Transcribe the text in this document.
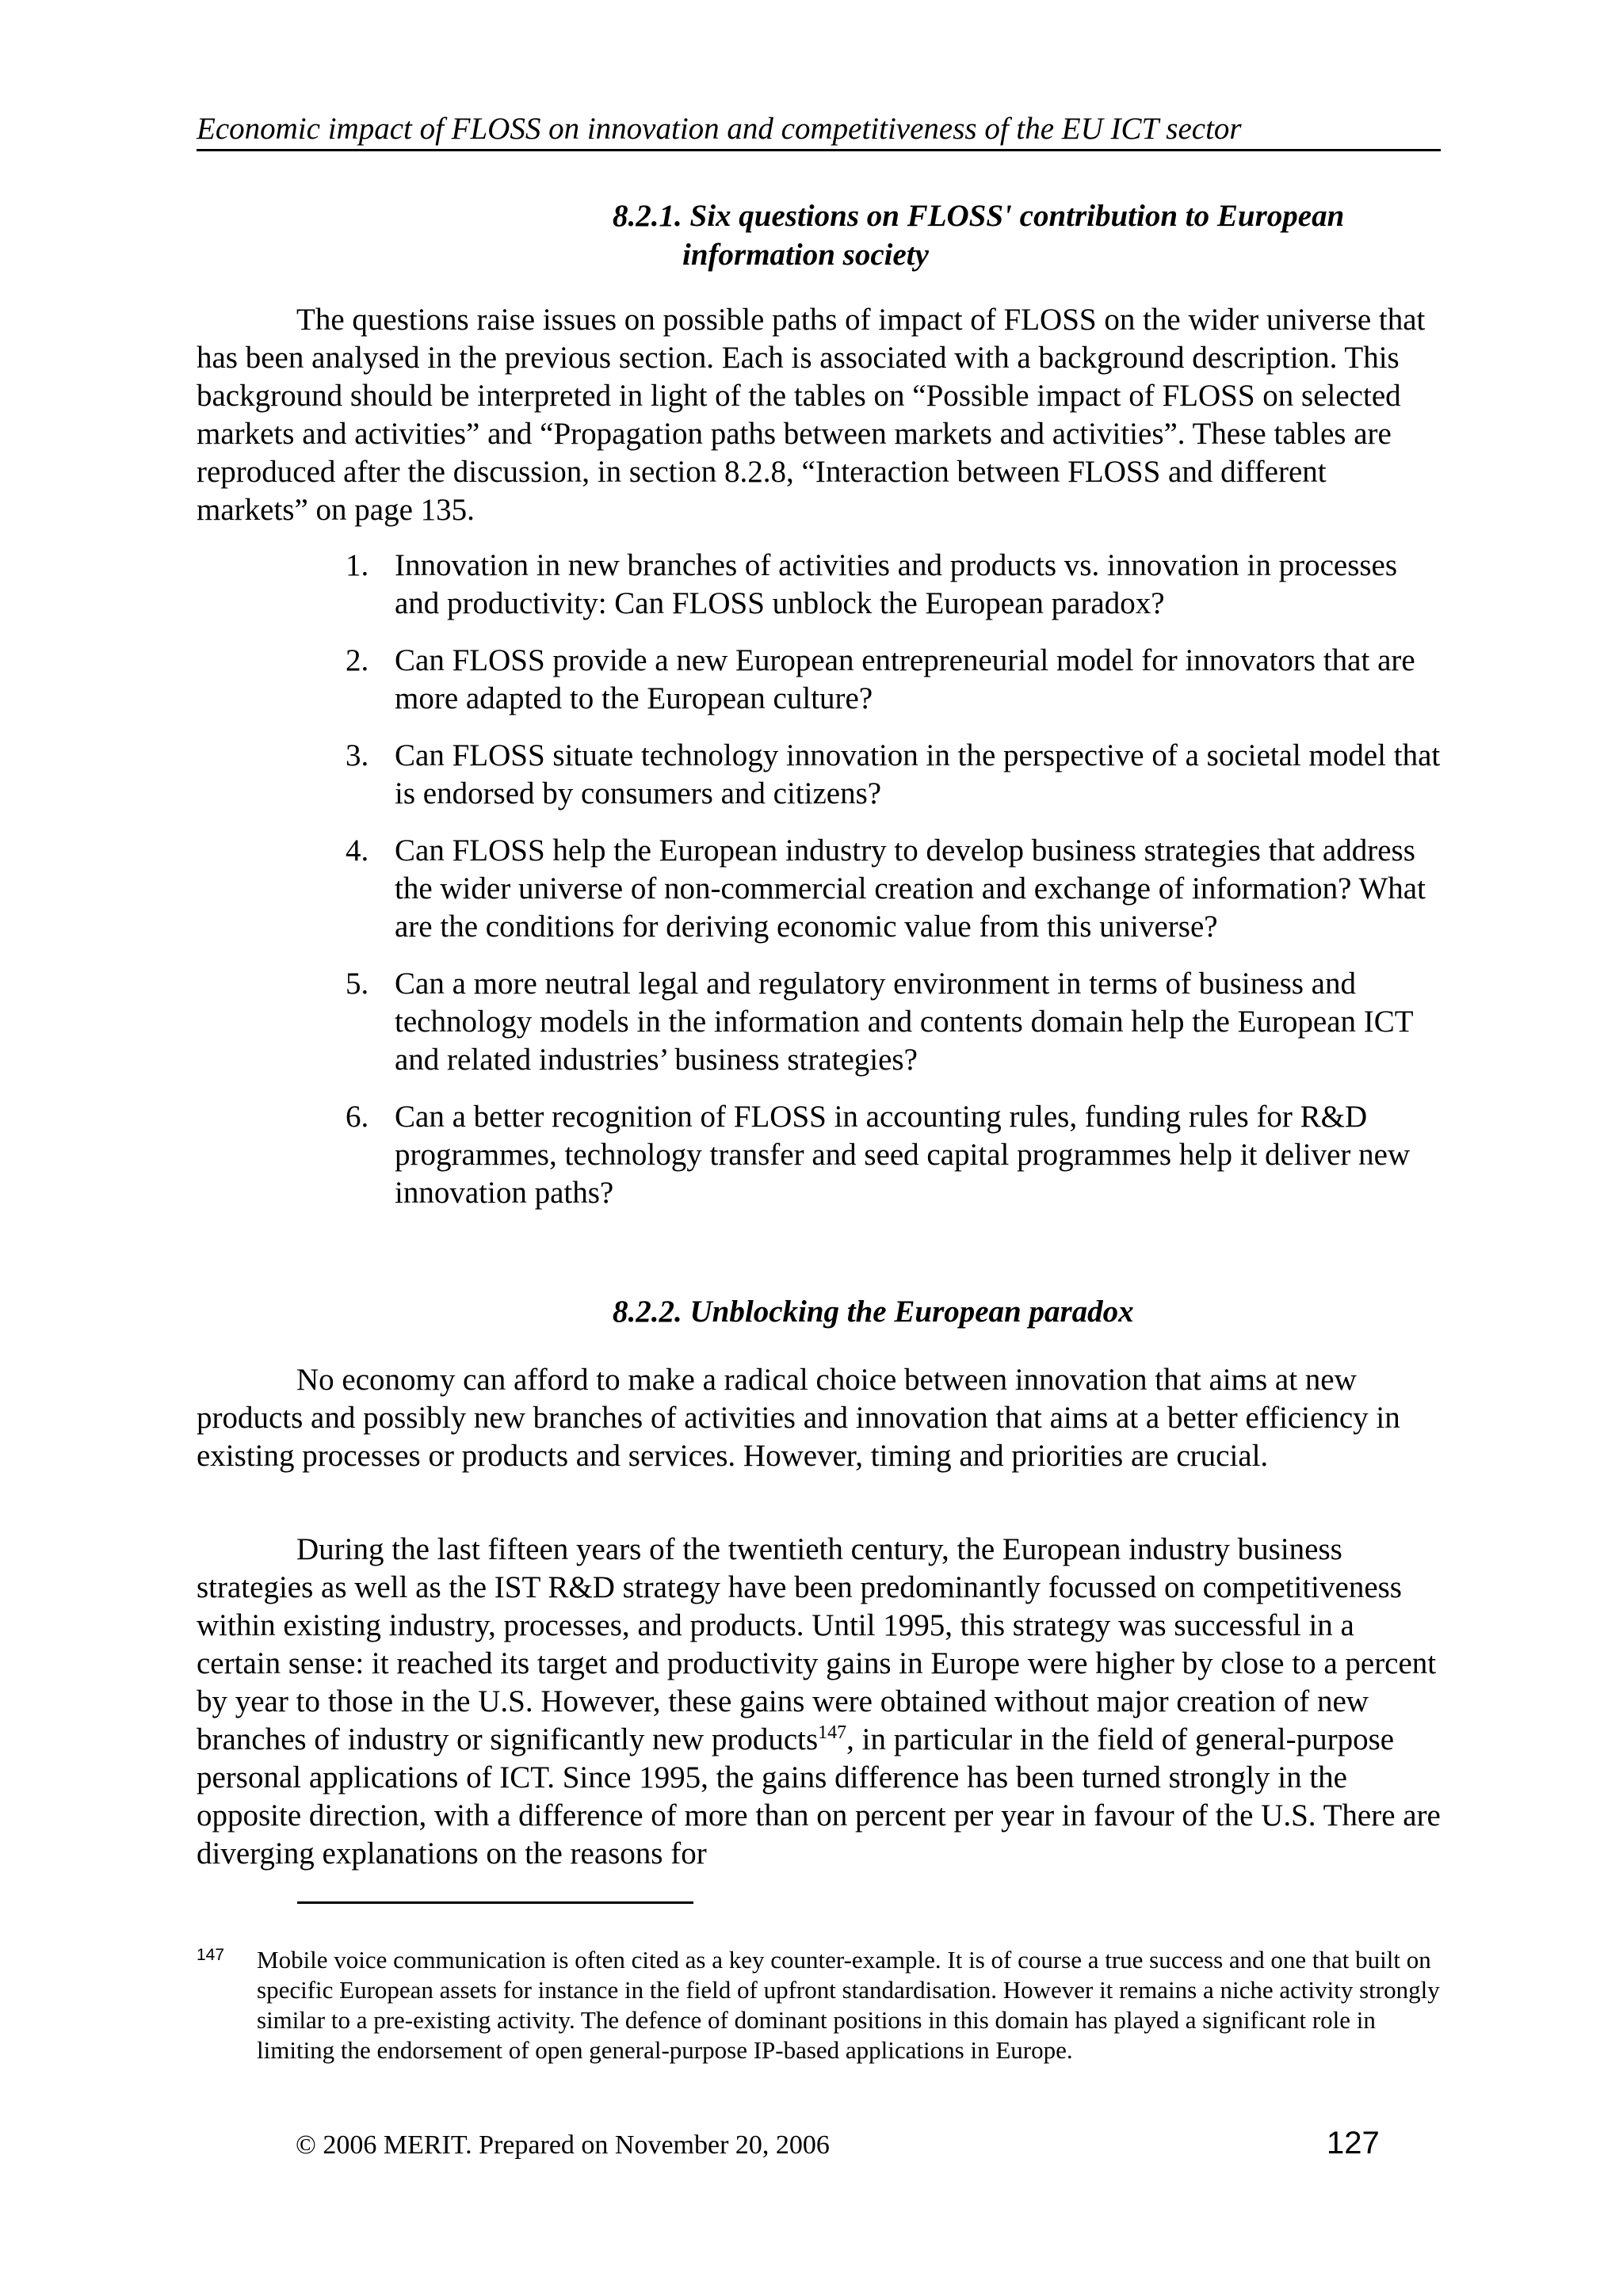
Economic impact of FLOSS on innovation and competitiveness of the EU ICT sector
8.2.1. Six questions on FLOSS' contribution to European
information society

The questions raise issues on possible paths of impact of FLOSS on the wider universe that has been analysed in the previous section. Each is associated with a background description. This background should be interpreted in light of the tables on “Possible impact of FLOSS on selected markets and activities” and “Propagation paths between markets and activities”. These tables are reproduced after the discussion, in section 8.2.8, “Interaction between FLOSS and different markets” on page 135.

1. Innovation in new branches of activities and products vs. innovation in processes and productivity: Can FLOSS unblock the European paradox?
2. Can FLOSS provide a new European entrepreneurial model for innovators that are more adapted to the European culture?
3. Can FLOSS situate technology innovation in the perspective of a societal model that is endorsed by consumers and citizens?
4. Can FLOSS help the European industry to develop business strategies that address the wider universe of non-commercial creation and exchange of information? What are the conditions for deriving economic value from this universe?
5. Can a more neutral legal and regulatory environment in terms of business and technology models in the information and contents domain help the European ICT and related industries’ business strategies?
6. Can a better recognition of FLOSS in accounting rules, funding rules for R&D programmes, technology transfer and seed capital programmes help it deliver new innovation paths?
8.2.2. Unblocking the European paradox

No economy can afford to make a radical choice between innovation that aims at new products and possibly new branches of activities and innovation that aims at a better efficiency in existing processes or products and services. However, timing and priorities are crucial.

During the last fifteen years of the twentieth century, the European industry business strategies as well as the IST R&D strategy have been predominantly focussed on competitiveness within existing industry, processes, and products. Until 1995, this strategy was successful in a certain sense: it reached its target and productivity gains in Europe were higher by close to a percent by year to those in the U.S. However, these gains were obtained without major creation of new branches of industry or significantly new products$^{147}$, in particular in the field of general-purpose personal applications of ICT. Since 1995, the gains difference has been turned strongly in the opposite direction, with a difference of more than on percent per year in favour of the U.S. There are diverging explanations on the reasons for

147 Mobile voice communication is often cited as a key counter-example. It is of course a true success and one that built on specific European assets for instance in the field of upfront standardisation. However it remains a niche activity strongly similar to a pre-existing activity. The defence of dominant positions in this domain has played a significant role in limiting the endorsement of open general-purpose IP-based applications in Europe.
© 2006 MERIT. Prepared on November 20, 2006	127
